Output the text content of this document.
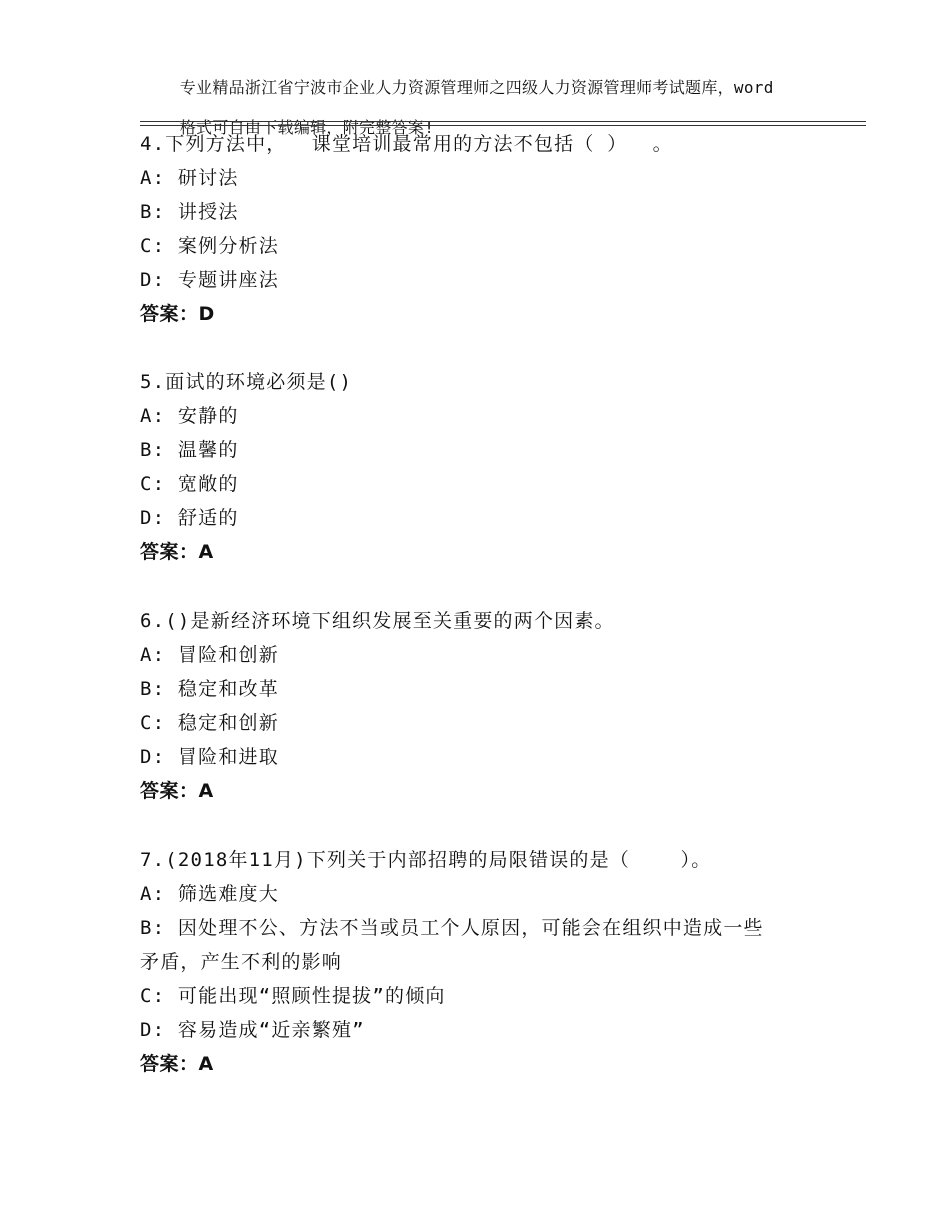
专业精品浙江省宁波市企业人力资源管理师之四级人力资源管理师考试题库，word

格式可自由下载编辑，附完整答案!

4.下列方法中，  课堂培训最常用的方法不包括（ ）  。
A: 研讨法
B: 讲授法
C: 案例分析法
D: 专题讲座法
答案：D
5.面试的环境必须是()
A: 安静的
B: 温馨的
C: 宽敞的
D: 舒适的
答案：A
6.()是新经济环境下组织发展至关重要的两个因素。
A: 冒险和创新
B: 稳定和改革
C: 稳定和创新
D: 冒险和进取
答案：A
7.(2018年11月)下列关于内部招聘的局限错误的是（    ）。
A: 筛选难度大
B: 因处理不公、方法不当或员工个人原因，可能会在组织中造成一些
矛盾，产生不利的影响
C: 可能出现“照顾性提拔”的倾向
D: 容易造成“近亲繁殖”
答案：A
